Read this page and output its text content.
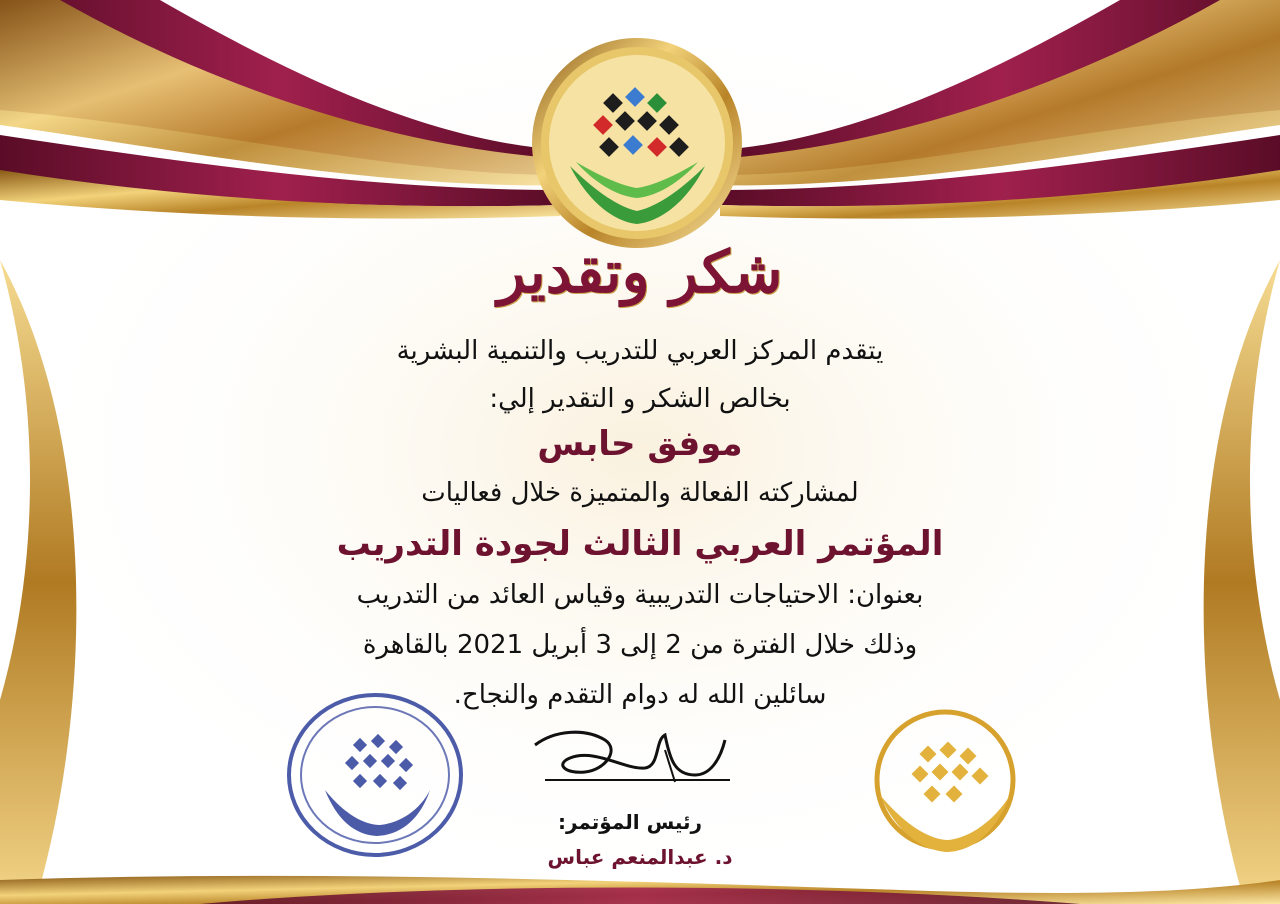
شكر وتقدير
يتقدم المركز العربي للتدريب والتنمية البشرية
بخالص الشكر و التقدير إلي:
موفق حابس
لمشاركته الفعالة والمتميزة خلال فعاليات
المؤتمر العربي الثالث لجودة التدريب
بعنوان: الاحتياجات التدريبية وقياس العائد من التدريب
وذلك خلال الفترة من 2 إلى 3 أبريل 2021 بالقاهرة
سائلين الله له دوام التقدم والنجاح.
رئيس المؤتمر:
د. عبدالمنعم عباس
